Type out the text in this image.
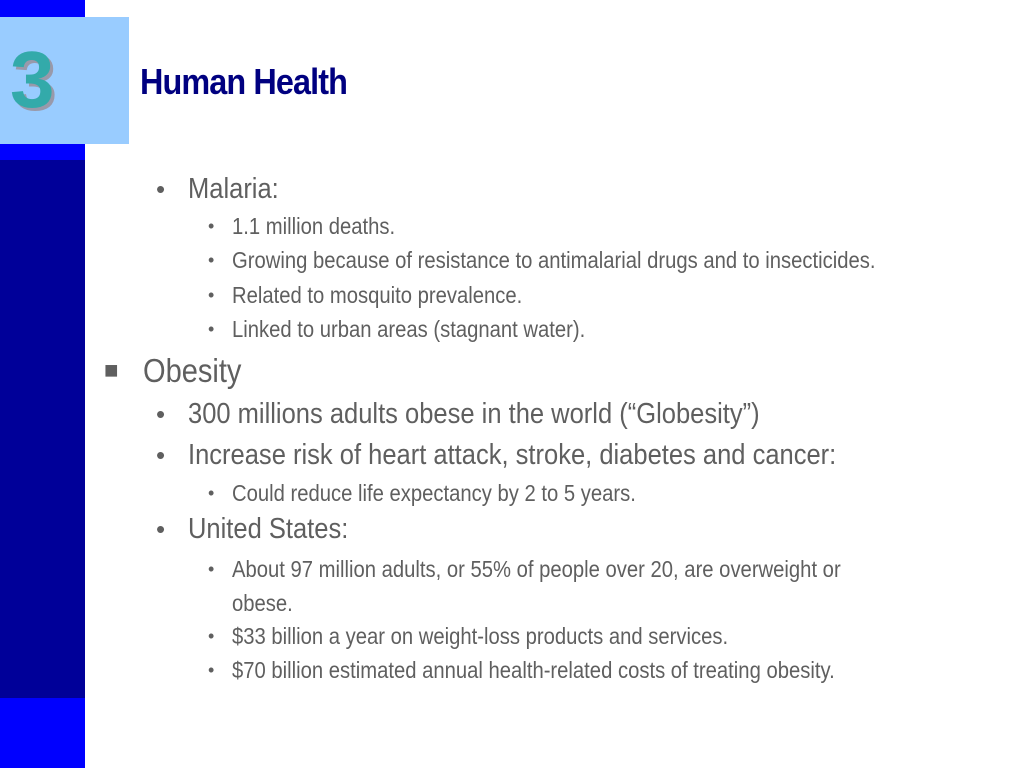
3 Human Health
• Malaria:
• 1.1 million deaths.
• Growing because of resistance to antimalarial drugs and to insecticides.
• Related to mosquito prevalence.
• Linked to urban areas (stagnant water).
■ Obesity
• 300 millions adults obese in the world (“Globesity”)
• Increase risk of heart attack, stroke, diabetes and cancer:
• Could reduce life expectancy by 2 to 5 years.
• United States:
• About 97 million adults, or 55% of people over 20, are overweight or
obese.
• $33 billion a year on weight-loss products and services.
• $70 billion estimated annual health-related costs of treating obesity.
